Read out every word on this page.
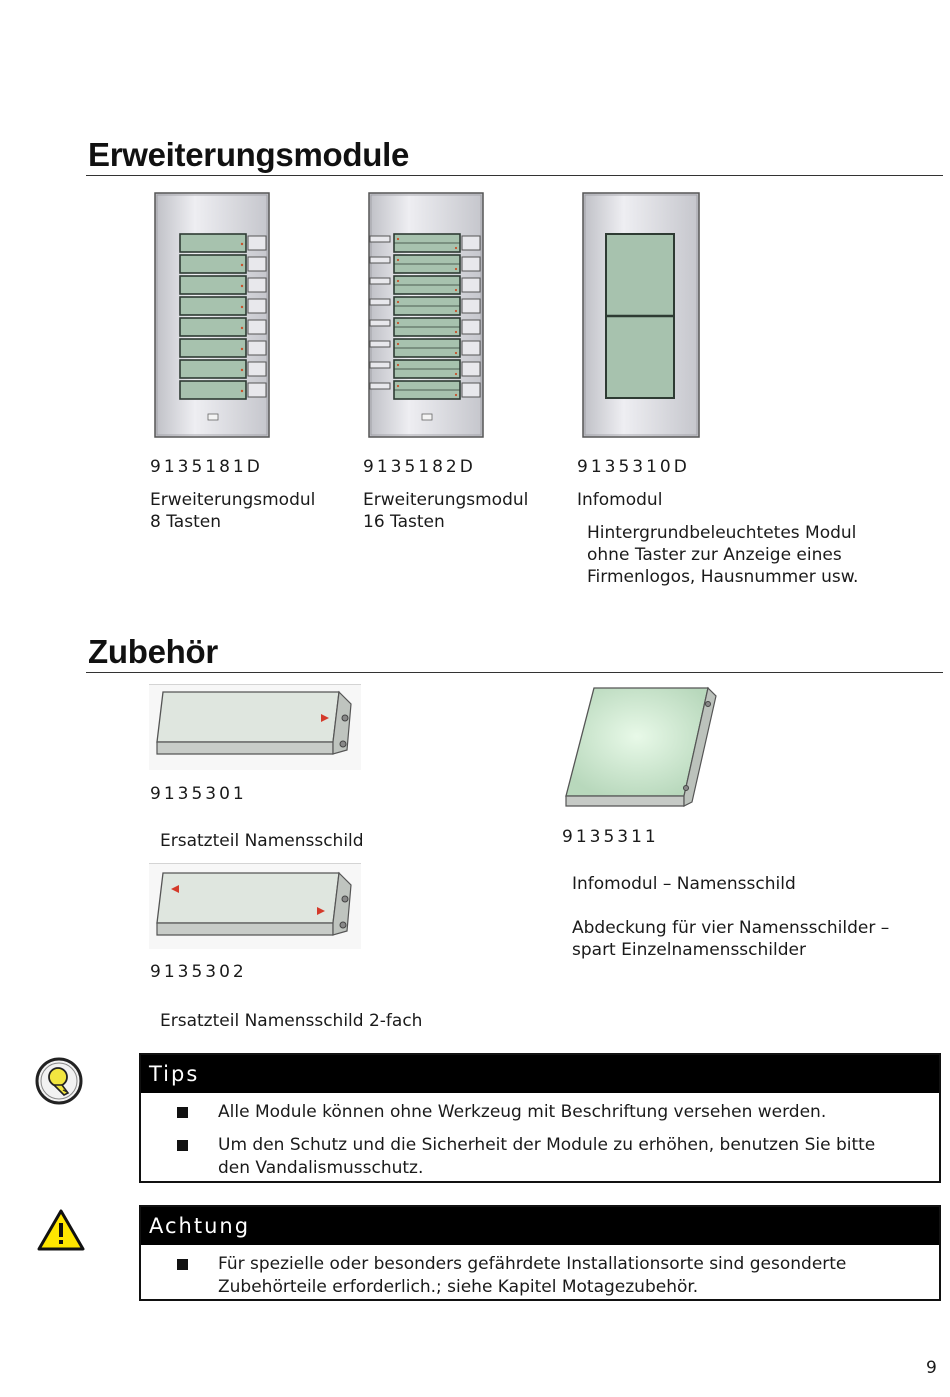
Erweiterungsmodule
9135181D
Erweiterungsmodul
8 Tasten
9135182D
Erweiterungsmodul
16 Tasten
9135310D
Infomodul
Hintergrundbeleuchtetes Modul
ohne Taster zur Anzeige eines
Firmenlogos, Hausnummer usw.
Zubehör
9135301
Ersatzteil Namensschild
9135302
Ersatzteil Namensschild 2-fach
9135311
Infomodul – Namensschild
Abdeckung für vier Namensschilder –
spart Einzelnamensschilder
Tips
Alle Module können ohne Werkzeug mit Beschriftung versehen werden.
Um den Schutz und die Sicherheit der Module zu erhöhen, benutzen Sie bitte
den Vandalismusschutz.
Achtung
Für spezielle oder besonders gefährdete Installationsorte sind gesonderte
Zubehörteile erforderlich.; siehe Kapitel Motagezubehör.
9
